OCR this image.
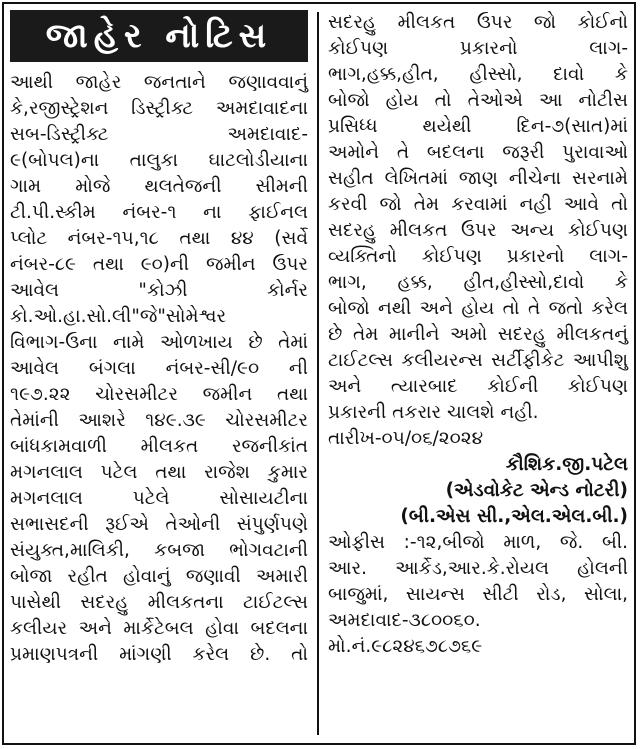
જાહેર નોટિસ
આથી જાહેર જનતાને જણાવવાનું
કે,રજીસ્ટ્રેશન ડિસ્ટ્રીક્ટ અમદાવાદના
સબ-ડિસ્ટ્રીક્ટ અમદાવાદ-
૯(બોપલ)ના તાલુકા ઘાટલોડીયાના
ગામ મોજે થલતેજની સીમની
ટી.પી.સ્કીમ નંબર-૧ ના ફાઈનલ
પ્લોટ નંબર-૧૫,૧૮ તથા ૪૪ (સર્વે
નંબર-૮૯ તથા ૯૦)ની જમીન ઉપર
આવેલ "કોઝી કોર્નર
કો.ઓ.હા.સો.લી"જે"સોમેશ્વર
વિભાગ-ઉના નામે ઓળખાય છે તેમાં
આવેલ બંગલા નંબર-સી/૯૦ ની
૧૯૭.૨૨ ચોરસમીટર જમીન તથા
તેમાંની આશરે ૧૪૯.૩૯ ચોરસમીટર
બાંધકામવાળી મીલકત રજનીકાંત
મગનલાલ પટેલ તથા રાજેશ કુમાર
મગનલાલ પટેલે સોસાયટીના
સભાસદની રૂઈએ તેઓની સંપુર્ણપણે
સંયુક્ત,માલિકી, કબજા ભોગવટાની
બોજા રહીત હોવાનું જણાવી અમારી
પાસેથી સદરહુ મીલકતના ટાઈટલ્સ
કલીયર અને માર્કેટેબલ હોવા બદલના
પ્રમાણપત્રની માંગણી કરેલ છે. તો
સદરહુ મીલકત ઉપર જો કોઈનો
કોઈપણ પ્રકારનો લાગ-
ભાગ,હક્ક,હીત, હીસ્સો, દાવો કે
બોજો હોય તો તેઓએ આ નોટીસ
પ્રસિધ્ધ થયેથી દિન-૭(સાત)માં
અમોને તે બદલના જરૂરી પુરાવાઓ
સહીત લેખિતમાં જાણ નીચેના સરનામે
કરવી જો તેમ કરવામાં નહી આવે તો
સદરહુ મીલકત ઉપર અન્ય કોઈપણ
વ્યક્તિનો કોઈપણ પ્રકારનો લાગ-
ભાગ, હક્ક, હીત,હીસ્સો,દાવો કે
બોજો નથી અને હોય તો તે જતો કરેલ
છે તેમ માનીને અમો સદરહુ મીલકતનું
ટાઈટલ્સ કલીયરન્સ સર્ટીફીકેટ આપીશુ
અને ત્યારબાદ કોઈની કોઈપણ
પ્રકારની તકરાર ચાલશે નહી.
તારીખ-૦૫/૦૬/૨૦૨૪
કૌશિક.જી.પટેલ
(એડવોકેટ એન્ડ નોટરી)
(બી.એસ સી.,એલ.એલ.બી.)
ઓફીસ :-૧૨,બીજો માળ, જે. બી.
આર. આર્કેડ,આર.કે.રોયલ હોલની
બાજુમાં, સાયન્સ સીટી રોડ, સોલા,
અમદાવાદ-૩૮૦૦૬૦.
મો.નં.૯૮૨૪૬૭૮૭૬૯
